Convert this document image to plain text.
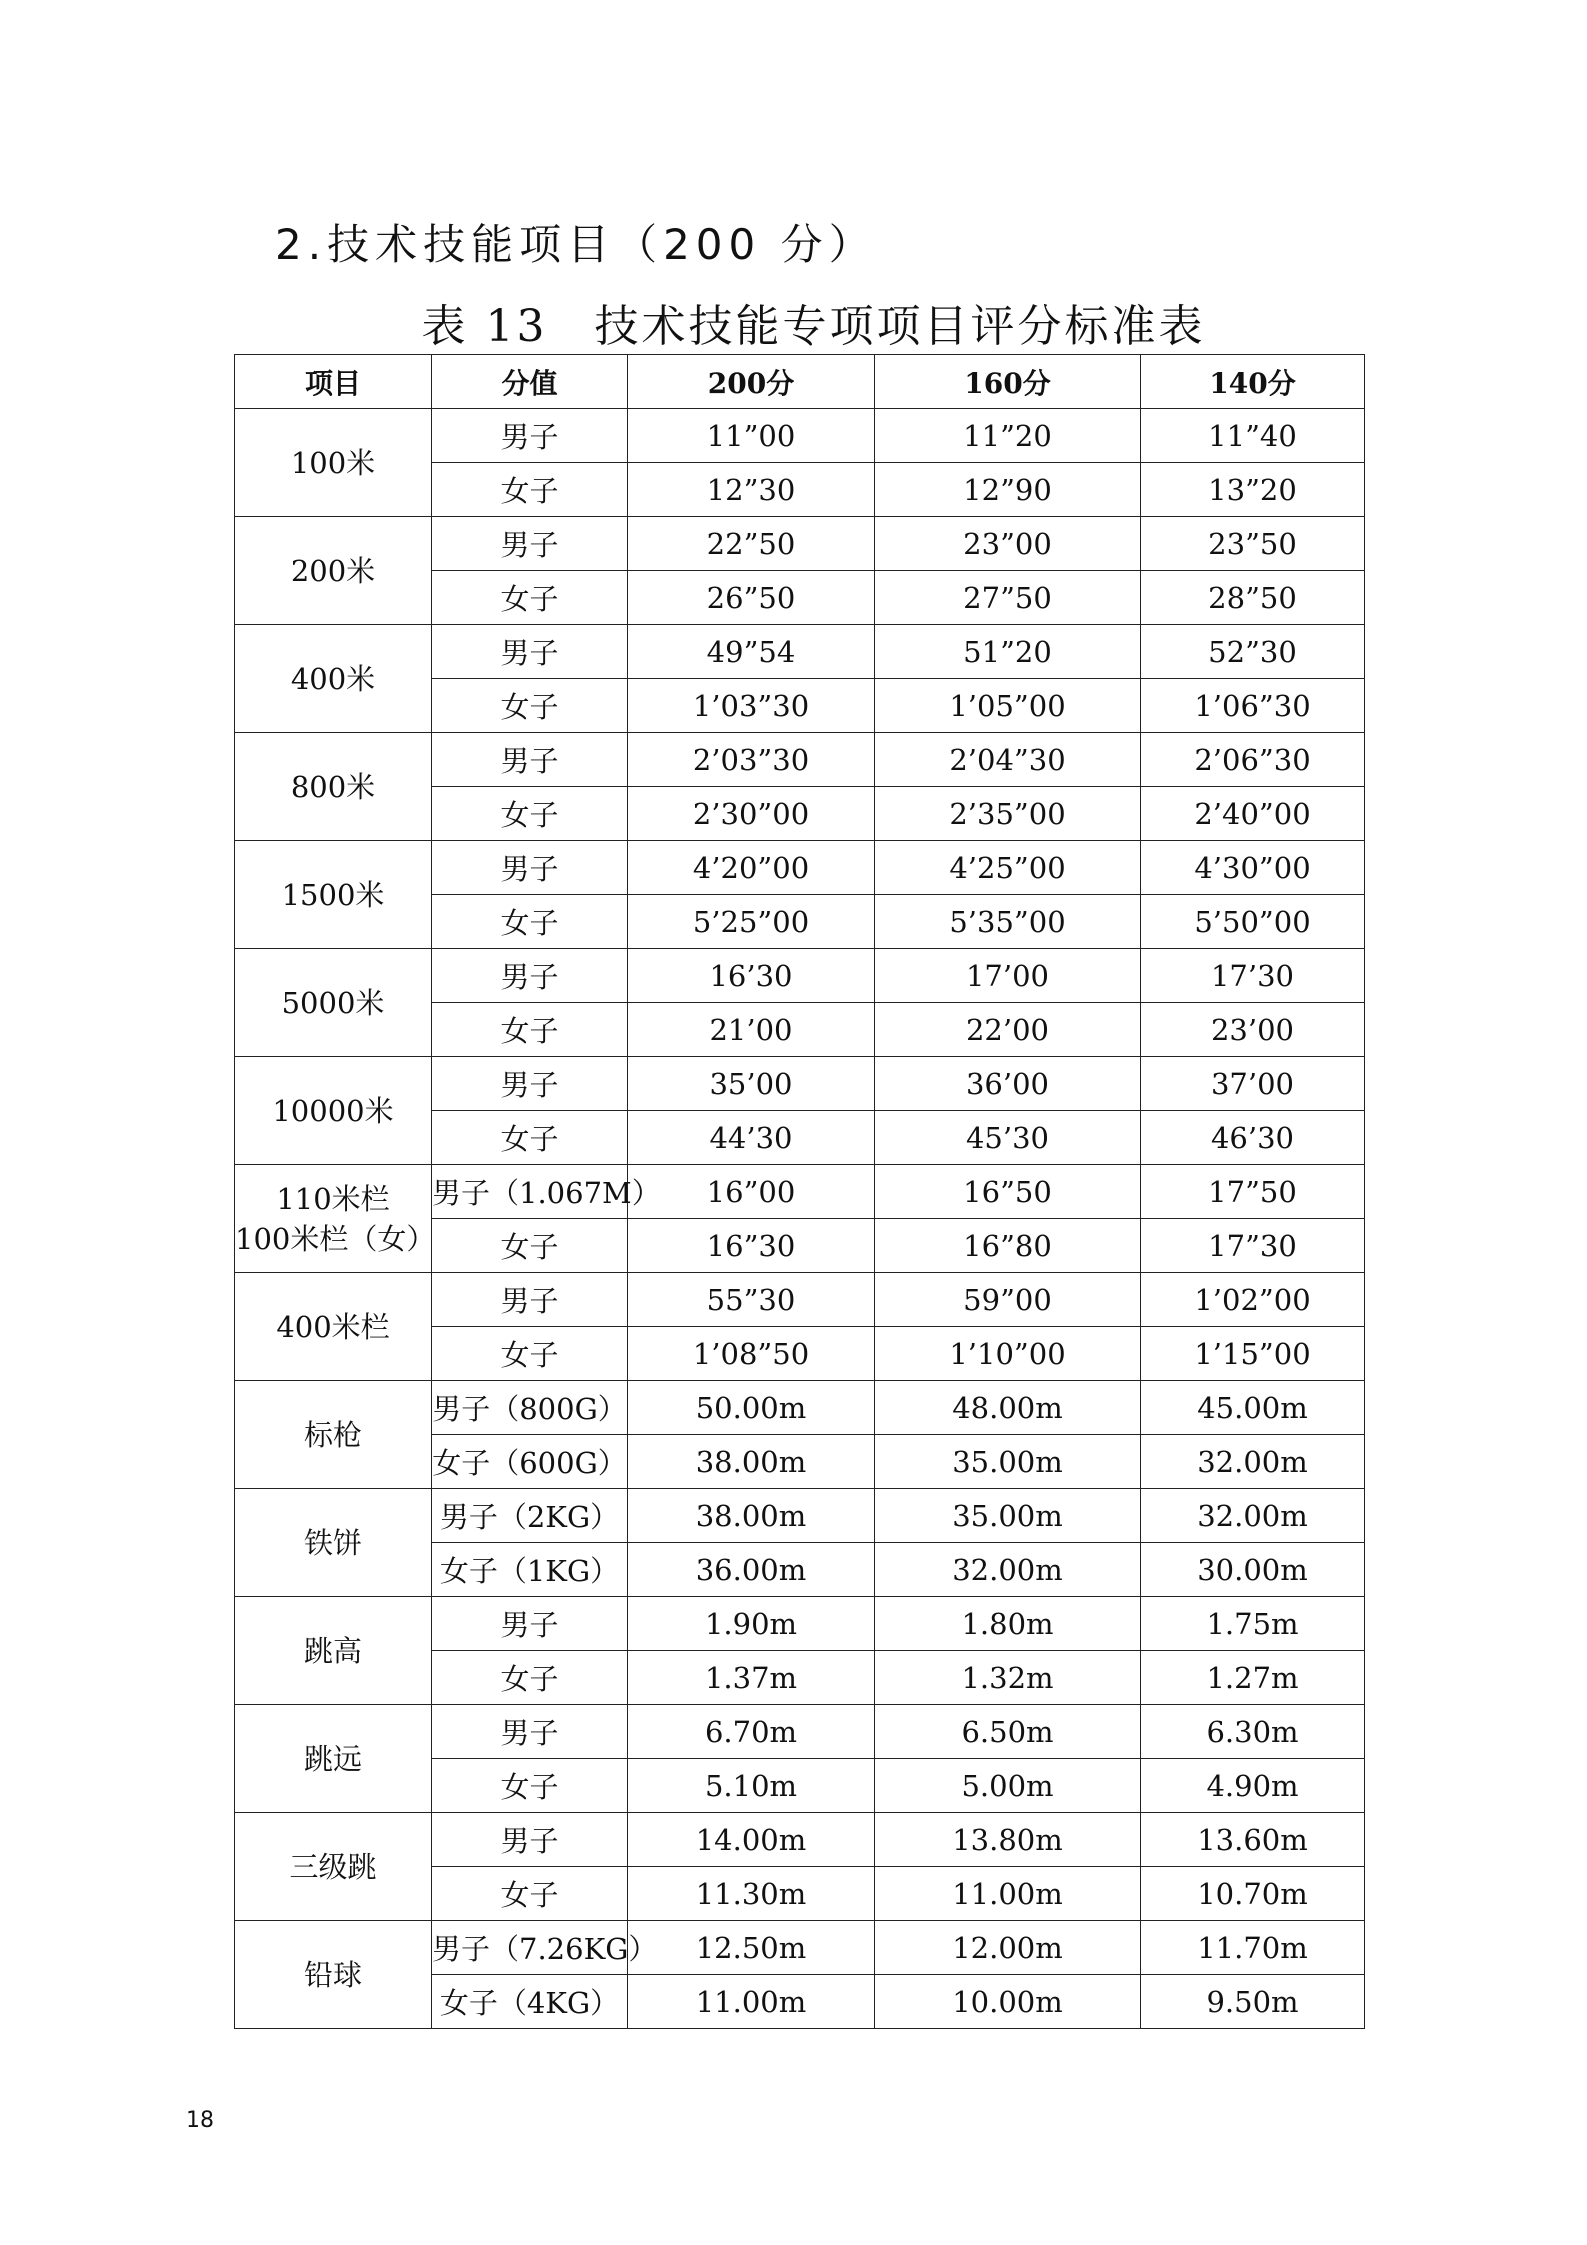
2.技术技能项目（200 分）
表 13　技术技能专项项目评分标准表
项目	分值	200分	160分	140分
100米	男子	11”00	11”20	11”40
	女子	12”30	12”90	13”20
200米	男子	22”50	23”00	23”50
	女子	26”50	27”50	28”50
400米	男子	49”54	51”20	52”30
	女子	1’03”30	1’05”00	1’06”30
800米	男子	2’03”30	2’04”30	2’06”30
	女子	2’30”00	2’35”00	2’40”00
1500米	男子	4’20”00	4’25”00	4’30”00
	女子	5’25”00	5’35”00	5’50”00
5000米	男子	16’30	17’00	17’30
	女子	21’00	22’00	23’00
10000米	男子	35’00	36’00	37’00
	女子	44’30	45’30	46’30
110米栏
100米栏（女）	男子（1.067M）	16”00	16”50	17”50
	女子	16”30	16”80	17”30
400米栏	男子	55”30	59”00	1’02”00
	女子	1’08”50	1’10”00	1’15”00
标枪	男子（800G）	50.00m	48.00m	45.00m
	女子（600G）	38.00m	35.00m	32.00m
铁饼	男子（2KG）	38.00m	35.00m	32.00m
	女子（1KG）	36.00m	32.00m	30.00m
跳高	男子	1.90m	1.80m	1.75m
	女子	1.37m	1.32m	1.27m
跳远	男子	6.70m	6.50m	6.30m
	女子	5.10m	5.00m	4.90m
三级跳	男子	14.00m	13.80m	13.60m
	女子	11.30m	11.00m	10.70m
铅球	男子（7.26KG）	12.50m	12.00m	11.70m
	女子（4KG）	11.00m	10.00m	9.50m
18
